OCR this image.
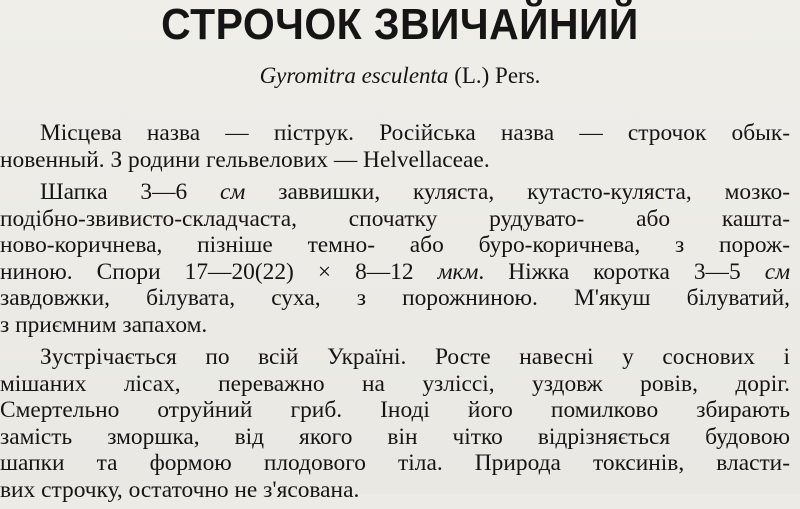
СТРОЧОК ЗВИЧАЙНИЙ

Gyromitra esculenta (L.) Pers.

Місцева назва — пiструк. Російська назва — строчок обык-
новенный. З родини гельвелових — Helvellaceae.
Шапка 3—6 см заввишки, куляста, кутасто-куляста, мозко-
подібно-звивисто-складчаста, спочатку рудувато- або кашта-
ново-коричнева, пізніше темно- або буро-коричнева, з порож-
ниною. Спори 17—20(22) × 8—12 мкм. Ніжка коротка 3—5 см
завдовжки, білувата, суха, з порожниною. М'якуш білуватий,
з приємним запахом.
Зустрічається по всій Україні. Росте навесні у соснових і
мішаних лісах, переважно на узліссі, уздовж ровів, доріг.
Смертельно отруйний гриб. Іноді його помилково збирають
замість зморшка, від якого він чітко відрізняється будовою
шапки та формою плодового тіла. Природа токсинів, власти-
вих строчку, остаточно не з'ясована.
